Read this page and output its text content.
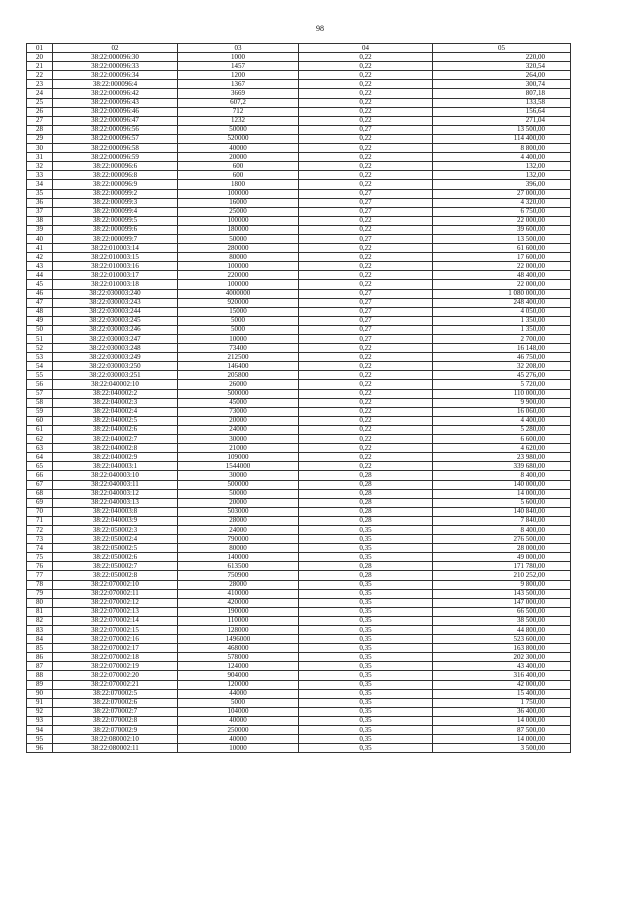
98
01	02	03	04	05
20	38:22:000096:30	1000	0,22	220,00
21	38:22:000096:33	1457	0,22	320,54
22	38:22:000096:34	1200	0,22	264,00
23	38:22:000096:4	1367	0,22	300,74
24	38:22:000096:42	3669	0,22	807,18
25	38:22:000096:43	607,2	0,22	133,58
26	38:22:000096:46	712	0,22	156,64
27	38:22:000096:47	1232	0,22	271,04
28	38:22:000096:56	50000	0,27	13 500,00
29	38:22:000096:57	520000	0,22	114 400,00
30	38:22:000096:58	40000	0,22	8 800,00
31	38:22:000096:59	20000	0,22	4 400,00
32	38:22:000096:6	600	0,22	132,00
33	38:22:000096:8	600	0,22	132,00
34	38:22:000096:9	1800	0,22	396,00
35	38:22:000099:2	100000	0,27	27 000,00
36	38:22:000099:3	16000	0,27	4 320,00
37	38:22:000099:4	25000	0,27	6 750,00
38	38:22:000099:5	100000	0,22	22 000,00
39	38:22:000099:6	180000	0,22	39 600,00
40	38:22:000099:7	50000	0,27	13 500,00
41	38:22:010003:14	280000	0,22	61 600,00
42	38:22:010003:15	80000	0,22	17 600,00
43	38:22:010003:16	100000	0,22	22 000,00
44	38:22:010003:17	220000	0,22	48 400,00
45	38:22:010003:18	100000	0,22	22 000,00
46	38:22:030003:240	4000000	0,27	1 080 000,00
47	38:22:030003:243	920000	0,27	248 400,00
48	38:22:030003:244	15000	0,27	4 050,00
49	38:22:030003:245	5000	0,27	1 350,00
50	38:22:030003:246	5000	0,27	1 350,00
51	38:22:030003:247	10000	0,27	2 700,00
52	38:22:030003:248	73400	0,22	16 148,00
53	38:22:030003:249	212500	0,22	46 750,00
54	38:22:030003:250	146400	0,22	32 208,00
55	38:22:030003:251	205800	0,22	45 276,00
56	38:22:040002:10	26000	0,22	5 720,00
57	38:22:040002:2	500000	0,22	110 000,00
58	38:22:040002:3	45000	0,22	9 900,00
59	38:22:040002:4	73000	0,22	16 060,00
60	38:22:040002:5	20000	0,22	4 400,00
61	38:22:040002:6	24000	0,22	5 280,00
62	38:22:040002:7	30000	0,22	6 600,00
63	38:22:040002:8	21000	0,22	4 620,00
64	38:22:040002:9	109000	0,22	23 980,00
65	38:22:040003:1	1544000	0,22	339 680,00
66	38:22:040003:10	30000	0,28	8 400,00
67	38:22:040003:11	500000	0,28	140 000,00
68	38:22:040003:12	50000	0,28	14 000,00
69	38:22:040003:13	20000	0,28	5 600,00
70	38:22:040003:8	503000	0,28	140 840,00
71	38:22:040003:9	28000	0,28	7 840,00
72	38:22:050002:3	24000	0,35	8 400,00
73	38:22:050002:4	790000	0,35	276 500,00
74	38:22:050002:5	80000	0,35	28 000,00
75	38:22:050002:6	140000	0,35	49 000,00
76	38:22:050002:7	613500	0,28	171 780,00
77	38:22:050002:8	750900	0,28	210 252,00
78	38:22:070002:10	28000	0,35	9 800,00
79	38:22:070002:11	410000	0,35	143 500,00
80	38:22:070002:12	420000	0,35	147 000,00
81	38:22:070002:13	190000	0,35	66 500,00
82	38:22:070002:14	110000	0,35	38 500,00
83	38:22:070002:15	128000	0,35	44 800,00
84	38:22:070002:16	1496000	0,35	523 600,00
85	38:22:070002:17	468000	0,35	163 800,00
86	38:22:070002:18	578000	0,35	202 300,00
87	38:22:070002:19	124000	0,35	43 400,00
88	38:22:070002:20	904000	0,35	316 400,00
89	38:22:070002:21	120000	0,35	42 000,00
90	38:22:070002:5	44000	0,35	15 400,00
91	38:22:070002:6	5000	0,35	1 750,00
92	38:22:070002:7	104000	0,35	36 400,00
93	38:22:070002:8	40000	0,35	14 000,00
94	38:22:070002:9	250000	0,35	87 500,00
95	38:22:080002:10	40000	0,35	14 000,00
96	38:22:080002:11	10000	0,35	3 500,00
